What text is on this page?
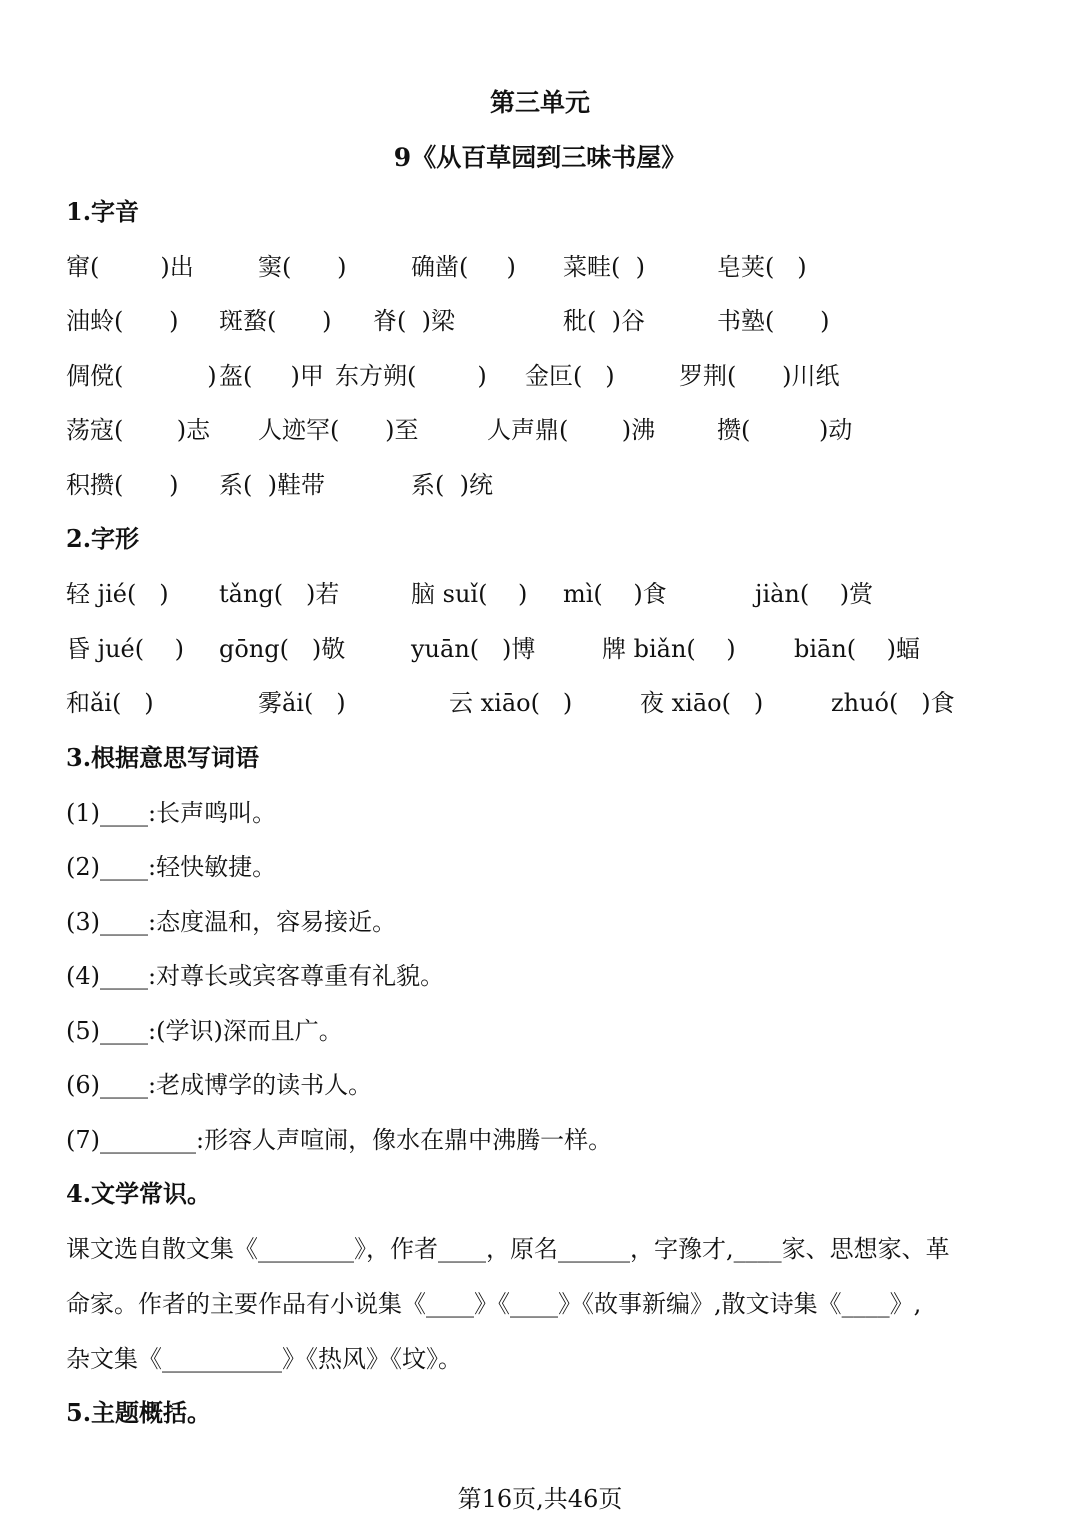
第三单元
9《从百草园到三味书屋》
1.字音
窜(        )出	窦(      )	确凿(     ) 菜畦(  )	皂荚(   )
油蛉(      ) 斑蝥(      ) 脊(  )梁	秕(  )谷	书塾(      )
倜傥(           ) 盔(     )甲 东方朔(        ) 金叵(   )	罗荆(      )川纸
荡寇(       )志 人迹罕(      )至	人声鼎(       )沸	攒(         )动
积攒(      ) 系(  )鞋带	系(  )统
2.字形
轻 jié(   ) tǎng(   )若	脑 suǐ(    ) mì(    )食	jiàn(    )赏
昏 jué(    ) gōng(   )敬	yuān(   )博	牌 biǎn(    ) biān(    )蝠
和ǎi(   )	雾ǎi(   )	云 xiāo(   )	夜 xiāo(   )	zhuó(   )食
3.根据意思写词语
(1)____:长声鸣叫。
(2)____:轻快敏捷。
(3)____:态度温和，容易接近。
(4)____:对尊长或宾客尊重有礼貌。
(5)____:(学识)深而且广。
(6)____:老成博学的读书人。
(7)________:形容人声喧闹，像水在鼎中沸腾一样。
4.文学常识。
课文选自散文集《________》，作者____，原名______，字豫才,____家、思想家、革
命家。作者的主要作品有小说集《____》《____》《故事新编》,散文诗集《____》,
杂文集《__________》《热风》《坟》。
5.主题概括。
第16页,共46页
